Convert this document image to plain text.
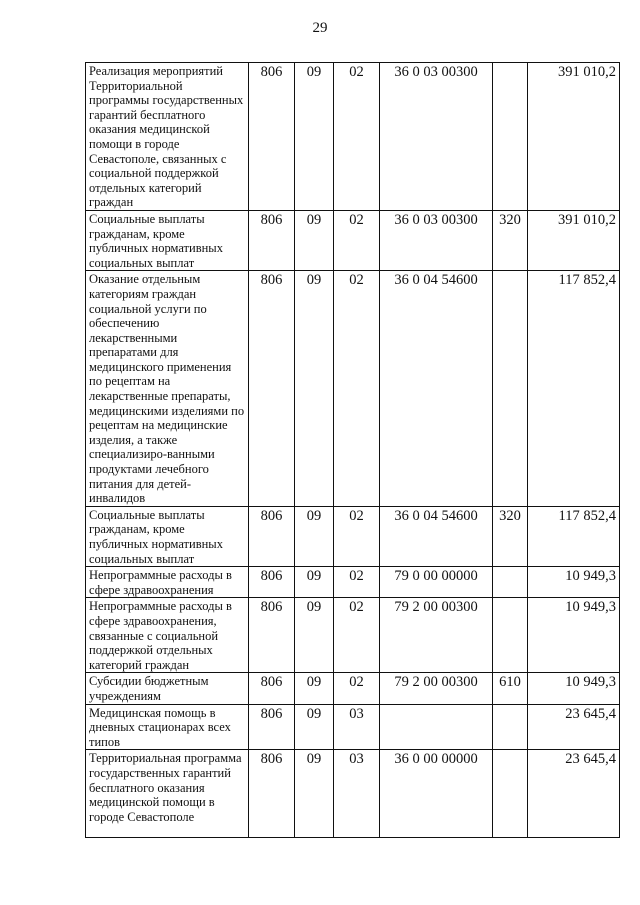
29
Реализация мероприятий Территориальной программы государственных гарантий бесплатного оказания медицинской помощи в городе Севастополе, связанных с социальной поддержкой отдельных категорий граждан	806	09	02	36 0 03 00300		391 010,2
Социальные выплаты гражданам, кроме публичных нормативных социальных выплат	806	09	02	36 0 03 00300	320	391 010,2
Оказание отдельным категориям граждан социальной услуги по обеспечению лекарственными препаратами для медицинского применения по рецептам на лекарственные препараты, медицинскими изделиями по рецептам на медицинские изделия, а также специализиро-ванными продуктами лечебного питания для детей-инвалидов	806	09	02	36 0 04 54600		117 852,4
Социальные выплаты гражданам, кроме публичных нормативных социальных выплат	806	09	02	36 0 04 54600	320	117 852,4
Непрограммные расходы в сфере здравоохранения	806	09	02	79 0 00 00000		10 949,3
Непрограммные расходы в сфере здравоохранения, связанные с социальной поддержкой отдельных категорий граждан	806	09	02	79 2 00 00300		10 949,3
Субсидии бюджетным учреждениям	806	09	02	79 2 00 00300	610	10 949,3
Медицинская помощь в дневных стационарах всех типов	806	09	03			23 645,4
Территориальная программа государственных гарантий бесплатного оказания медицинской помощи в городе Севастополе	806	09	03	36 0 00 00000		23 645,4
